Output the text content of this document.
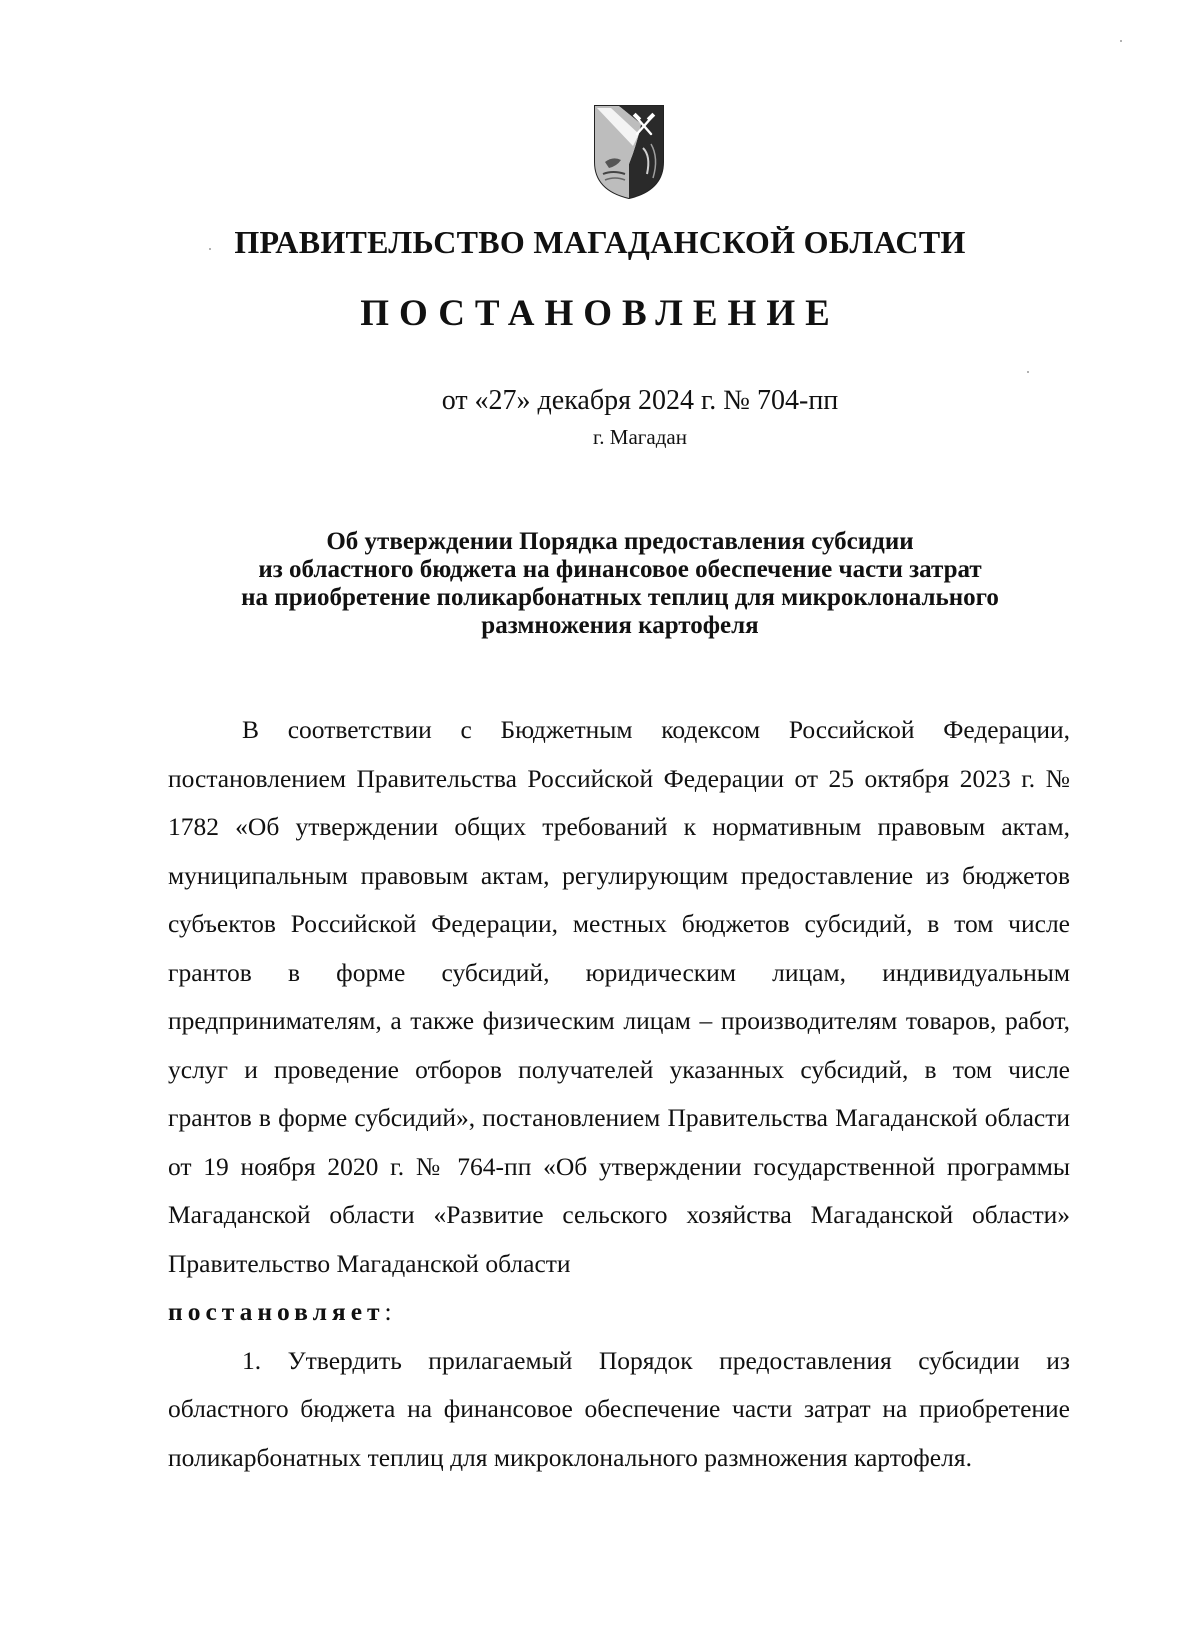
ПРАВИТЕЛЬСТВО МАГАДАНСКОЙ ОБЛАСТИ
ПОСТАНОВЛЕНИЕ
от «27» декабря 2024 г. № 704-пп
г. Магадан
Об утверждении Порядка предоставления субсидии
из областного бюджета на финансовое обеспечение части затрат
на приобретение поликарбонатных теплиц для микроклонального
размножения картофеля

В соответствии с Бюджетным кодексом Российской Федерации, постановлением Правительства Российской Федерации от 25 октября 2023 г. № 1782 «Об утверждении общих требований к нормативным правовым актам, муниципальным правовым актам, регулирующим предоставление из бюджетов субъектов Российской Федерации, местных бюджетов субсидий, в том числе грантов в форме субсидий, юридическим лицам, индивидуальным предпринимателям, а также физическим лицам – производителям товаров, работ, услуг и проведение отборов получателей указанных субсидий, в том числе грантов в форме субсидий», постановлением Правительства Магаданской области от 19 ноября 2020 г. № 764-пп «Об утверждении государственной программы Магаданской области «Развитие сельского хозяйства Магаданской области» Правительство Магаданской области
постановляет:

1. Утвердить прилагаемый Порядок предоставления субсидии из областного бюджета на финансовое обеспечение части затрат на приобретение поликарбонатных теплиц для микроклонального размножения картофеля.
